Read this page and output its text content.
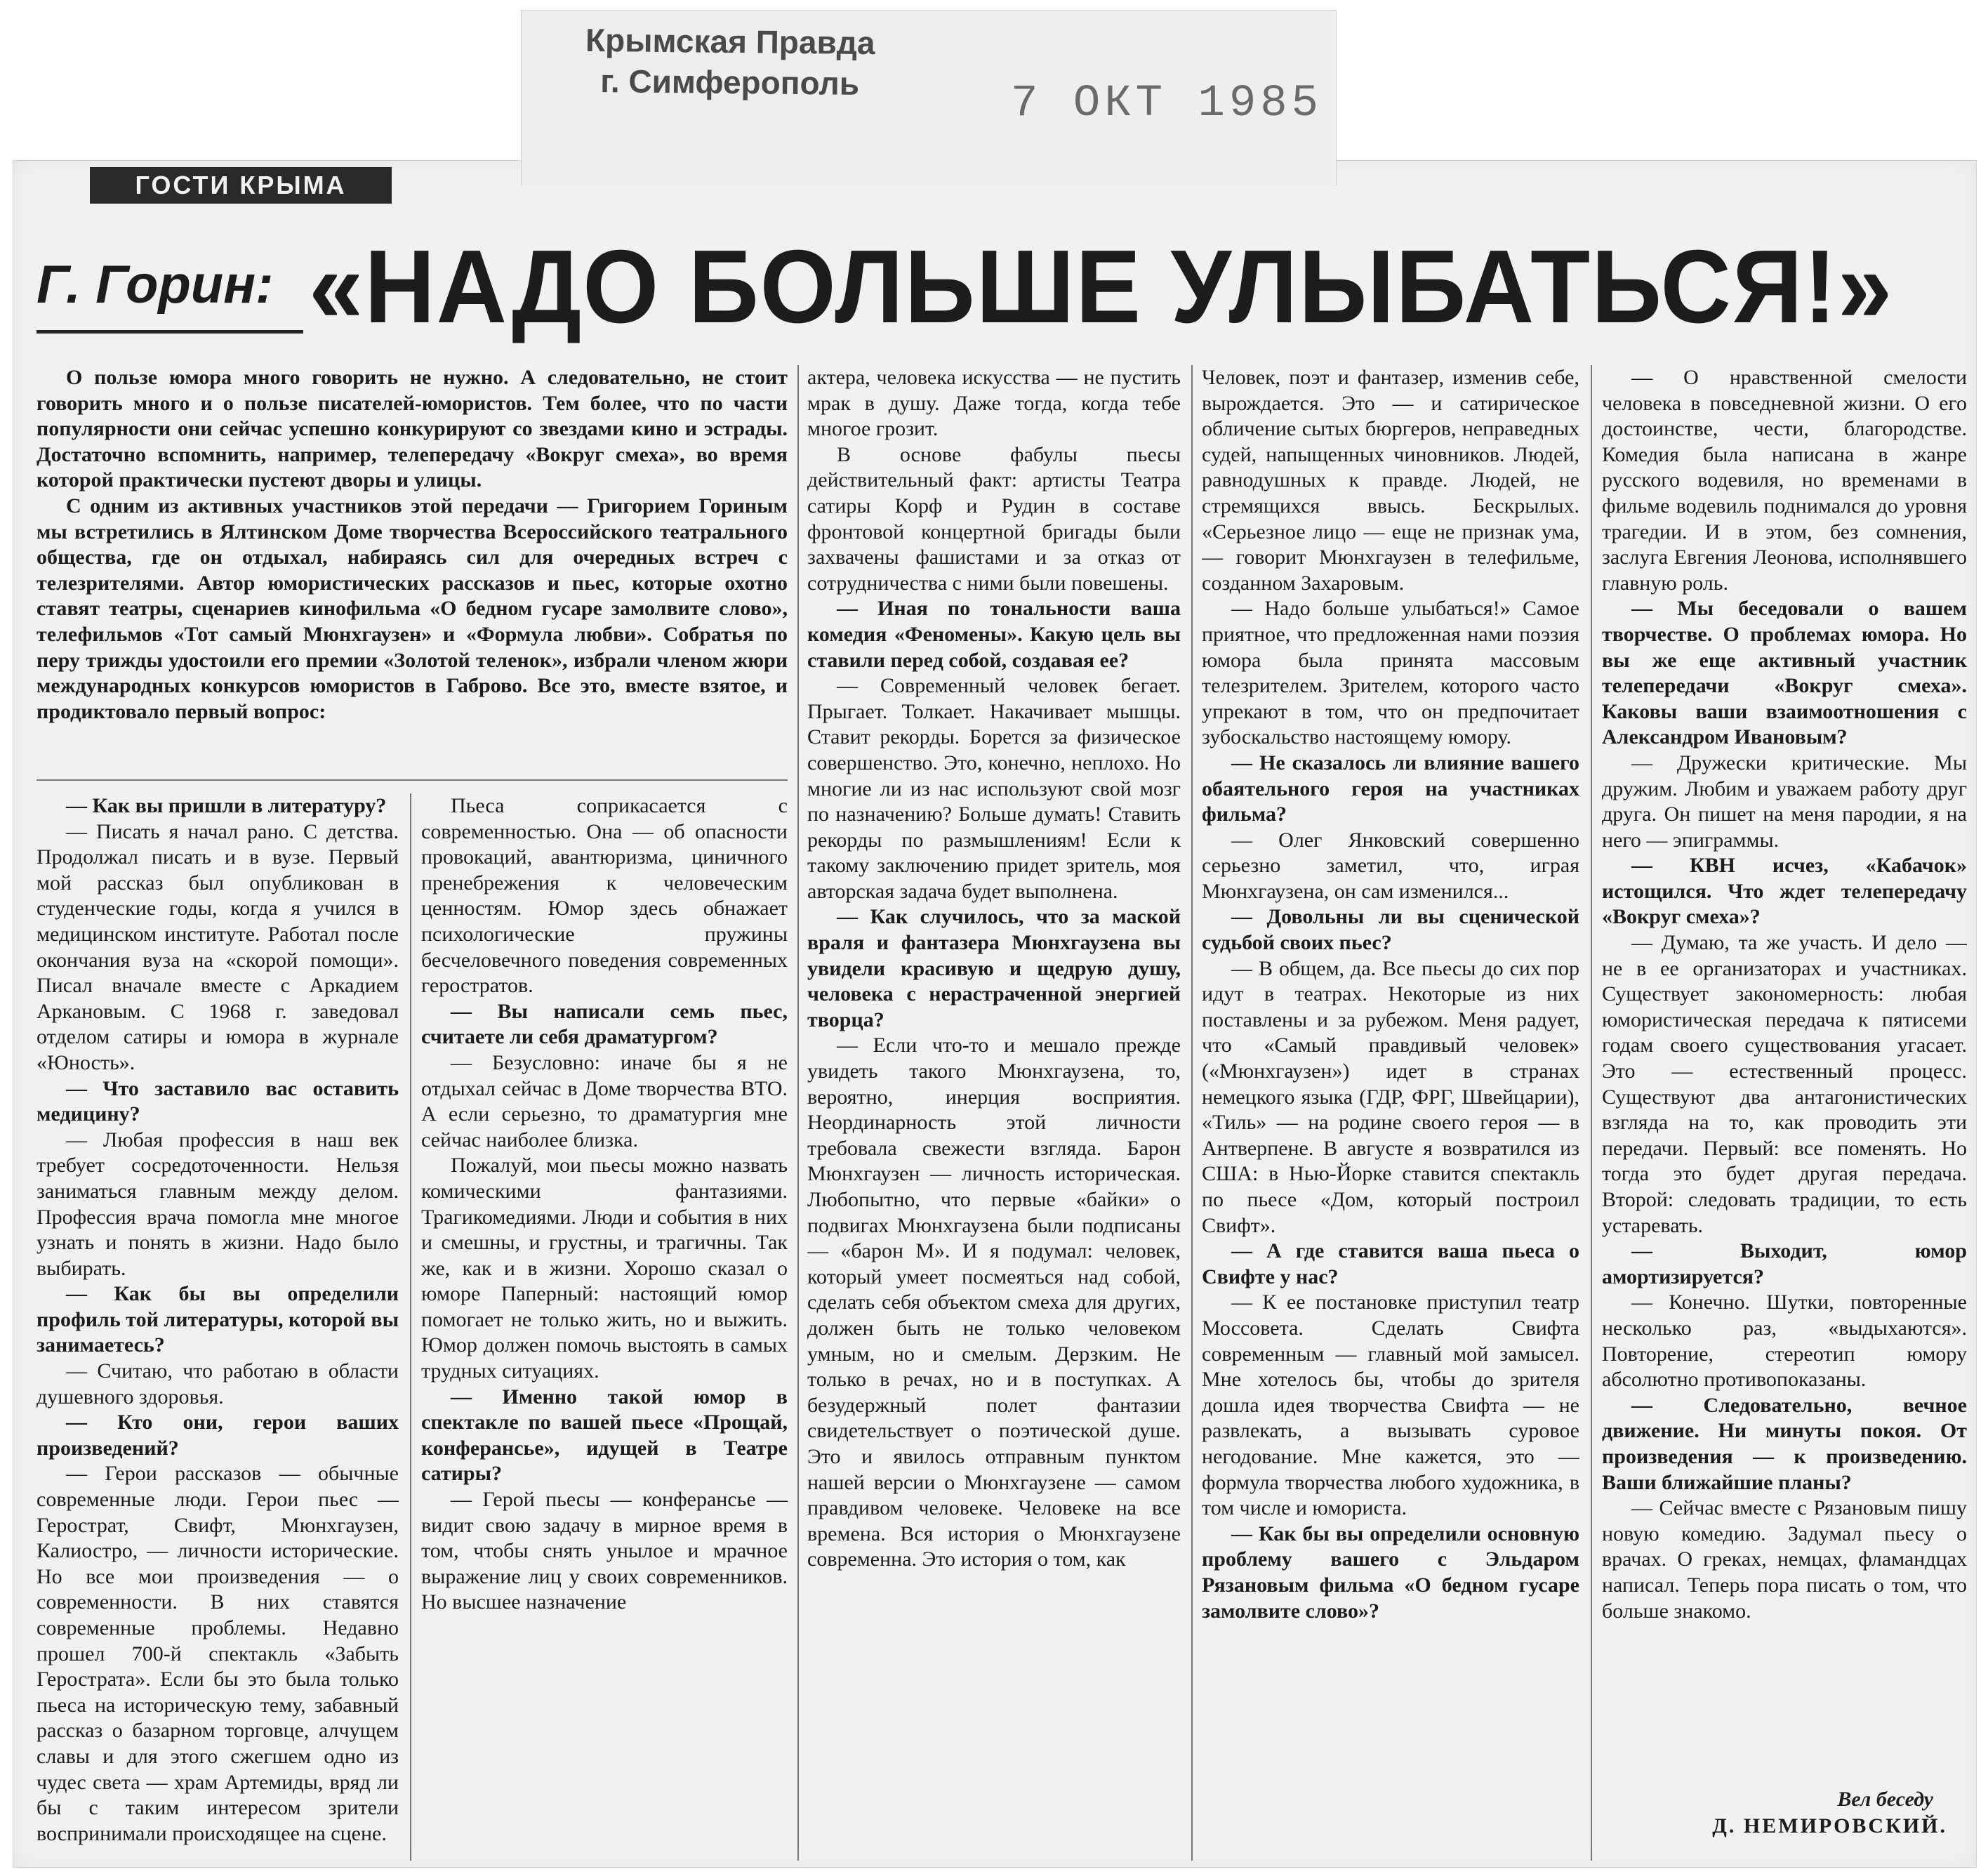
Крымская Правда
г. Симферополь	7 ОКТ 1985
ГОСТИ КРЫМА
Г. Горин: «НАДО БОЛЬШЕ УЛЫБАТЬСЯ!»

О пользе юмора много говорить не нужно. А следовательно, не стоит говорить много и о пользе писателей-юмористов. Тем более, что по части популярности они сейчас успешно конкурируют со звездами кино и эстрады. Достаточно вспомнить, например, телепередачу «Вокруг смеха», во время которой практически пустеют дворы и улицы.

С одним из активных участников этой передачи — Григорием Гориным мы встретились в Ялтинском Доме творчества Всероссийского театрального общества, где он отдыхал, набираясь сил для очередных встреч с телезрителями. Автор юмористических рассказов и пьес, которые охотно ставят театры, сценариев кинофильма «О бедном гусаре замолвите слово», телефильмов «Тот самый Мюнхгаузен» и «Формула любви». Собратья по перу трижды удостоили его премии «Золотой теленок», избрали членом жюри международных конкурсов юмористов в Габрово. Все это, вместе взятое, и продиктовало первый вопрос:

— Как вы пришли в литературу?

— Писать я начал рано. С детства. Продолжал писать и в вузе. Первый мой рассказ был опубликован в студенческие годы, когда я учился в медицинском институте. Работал после окончания вуза на «скорой помощи». Писал вначале вместе с Аркадием Аркановым. С 1968 г. заведовал отделом сатиры и юмора в журнале «Юность».

— Что заставило вас оставить медицину?

— Любая профессия в наш век требует сосредоточенности. Нельзя заниматься главным между делом. Профессия врача помогла мне многое узнать и понять в жизни. Надо было выбирать.

— Как бы вы определили профиль той литературы, которой вы занимаетесь?

— Считаю, что работаю в области душевного здоровья.

— Кто они, герои ваших произведений?

— Герои рассказов — обычные современные люди. Герои пьес — Герострат, Свифт, Мюнхгаузен, Калиостро, — личности исторические. Но все мои произведения — о современности. В них ставятся современные проблемы. Недавно прошел 700-й спектакль «Забыть Герострата». Если бы это была только пьеса на историческую тему, забавный рассказ о базарном торговце, алчущем славы и для этого сжегшем одно из чудес света — храм Артемиды, вряд ли бы с таким интересом зрители воспринимали происходящее на сцене.

Пьеса соприкасается с современностью. Она — об опасности провокаций, авантюризма, циничного пренебрежения к человеческим ценностям. Юмор здесь обнажает психологические пружины бесчеловечного поведения современных геростратов.

— Вы написали семь пьес, считаете ли себя драматургом?

— Безусловно: иначе бы я не отдыхал сейчас в Доме творчества ВТО. А если серьезно, то драматургия мне сейчас наиболее близка.

Пожалуй, мои пьесы можно назвать комическими фантазиями. Трагикомедиями. Люди и события в них и смешны, и грустны, и трагичны. Так же, как и в жизни. Хорошо сказал о юморе Паперный: настоящий юмор помогает не только жить, но и выжить. Юмор должен помочь выстоять в самых трудных ситуациях.

— Именно такой юмор в спектакле по вашей пьесе «Прощай, конферансье», идущей в Театре сатиры?

— Герой пьесы — конферансье — видит свою задачу в мирное время в том, чтобы снять унылое и мрачное выражение лиц у своих современников. Но высшее назначение

актера, человека искусства — не пустить мрак в душу. Даже тогда, когда тебе многое грозит.

В основе фабулы пьесы действительный факт: артисты Театра сатиры Корф и Рудин в составе фронтовой концертной бригады были захвачены фашистами и за отказ от сотрудничества с ними были повешены.

— Иная по тональности ваша комедия «Феномены». Какую цель вы ставили перед собой, создавая ее?

— Современный человек бегает. Прыгает. Толкает. Накачивает мышцы. Ставит рекорды. Борется за физическое совершенство. Это, конечно, неплохо. Но многие ли из нас используют свой мозг по назначению? Больше думать! Ставить рекорды по размышлениям! Если к такому заключению придет зритель, моя авторская задача будет выполнена.

— Как случилось, что за маской враля и фантазера Мюнхгаузена вы увидели красивую и щедрую душу, человека с нерастраченной энергией творца?

— Если что-то и мешало прежде увидеть такого Мюнхгаузена, то, вероятно, инерция восприятия. Неординарность этой личности требовала свежести взгляда. Барон Мюнхгаузен — личность историческая. Любопытно, что первые «байки» о подвигах Мюнхгаузена были подписаны — «барон М». И я подумал: человек, который умеет посмеяться над собой, сделать себя объектом смеха для других, должен быть не только человеком умным, но и смелым. Дерзким. Не только в речах, но и в поступках. А безудержный полет фантазии свидетельствует о поэтической душе. Это и явилось отправным пунктом нашей версии о Мюнхгаузене — самом правдивом человеке. Человеке на все времена. Вся история о Мюнхгаузене современна. Это история о том, как

Человек, поэт и фантазер, изменив себе, вырождается. Это — и сатирическое обличение сытых бюргеров, неправедных судей, напыщенных чиновников. Людей, равнодушных к правде. Людей, не стремящихся ввысь. Бескрылых. «Серьезное лицо — еще не признак ума, — говорит Мюнхгаузен в телефильме, созданном Захаровым.

— Надо больше улыбаться!» Самое приятное, что предложенная нами поэзия юмора была принята массовым телезрителем. Зрителем, которого часто упрекают в том, что он предпочитает зубоскальство настоящему юмору.

— Не сказалось ли влияние вашего обаятельного героя на участниках фильма?

— Олег Янковский совершенно серьезно заметил, что, играя Мюнхгаузена, он сам изменился...

— Довольны ли вы сценической судьбой своих пьес?

— В общем, да. Все пьесы до сих пор идут в театрах. Некоторые из них поставлены и за рубежом. Меня радует, что «Самый правдивый человек» («Мюнхгаузен») идет в странах немецкого языка (ГДР, ФРГ, Швейцарии), «Тиль» — на родине своего героя — в Антверпене. В августе я возвратился из США: в Нью-Йорке ставится спектакль по пьесе «Дом, который построил Свифт».

— А где ставится ваша пьеса о Свифте у нас?

— К ее постановке приступил театр Моссовета. Сделать Свифта современным — главный мой замысел. Мне хотелось бы, чтобы до зрителя дошла идея творчества Свифта — не развлекать, а вызывать суровое негодование. Мне кажется, это — формула творчества любого художника, в том числе и юмориста.

— Как бы вы определили основную проблему вашего с Эльдаром Рязановым фильма «О бедном гусаре замолвите слово»?

— О нравственной смелости человека в повседневной жизни. О его достоинстве, чести, благородстве. Комедия была написана в жанре русского водевиля, но временами в фильме водевиль поднимался до уровня трагедии. И в этом, без сомнения, заслуга Евгения Леонова, исполнявшего главную роль.

— Мы беседовали о вашем творчестве. О проблемах юмора. Но вы же еще активный участник телепередачи «Вокруг смеха». Каковы ваши взаимоотношения с Александром Ивановым?

— Дружески критические. Мы дружим. Любим и уважаем работу друг друга. Он пишет на меня пародии, я на него — эпиграммы.

— КВН исчез, «Кабачок» истощился. Что ждет телепередачу «Вокруг смеха»?

— Думаю, та же участь. И дело — не в ее организаторах и участниках. Существует закономерность: любая юмористическая передача к пятисеми годам своего существования угасает. Это — естественный процесс. Существуют два антагонистических взгляда на то, как проводить эти передачи. Первый: все поменять. Но тогда это будет другая передача. Второй: следовать традиции, то есть устаревать.

— Выходит, юмор амортизируется?

— Конечно. Шутки, повторенные несколько раз, «выдыхаются». Повторение, стереотип юмору абсолютно противопоказаны.

— Следовательно, вечное движение. Ни минуты покоя. От произведения — к произведению. Ваши ближайшие планы?

— Сейчас вместе с Рязановым пишу новую комедию. Задумал пьесу о врачах. О греках, немцах, фламандцах написал. Теперь пора писать о том, что больше знакомо.

Вел беседу
Д. НЕМИРОВСКИЙ.
